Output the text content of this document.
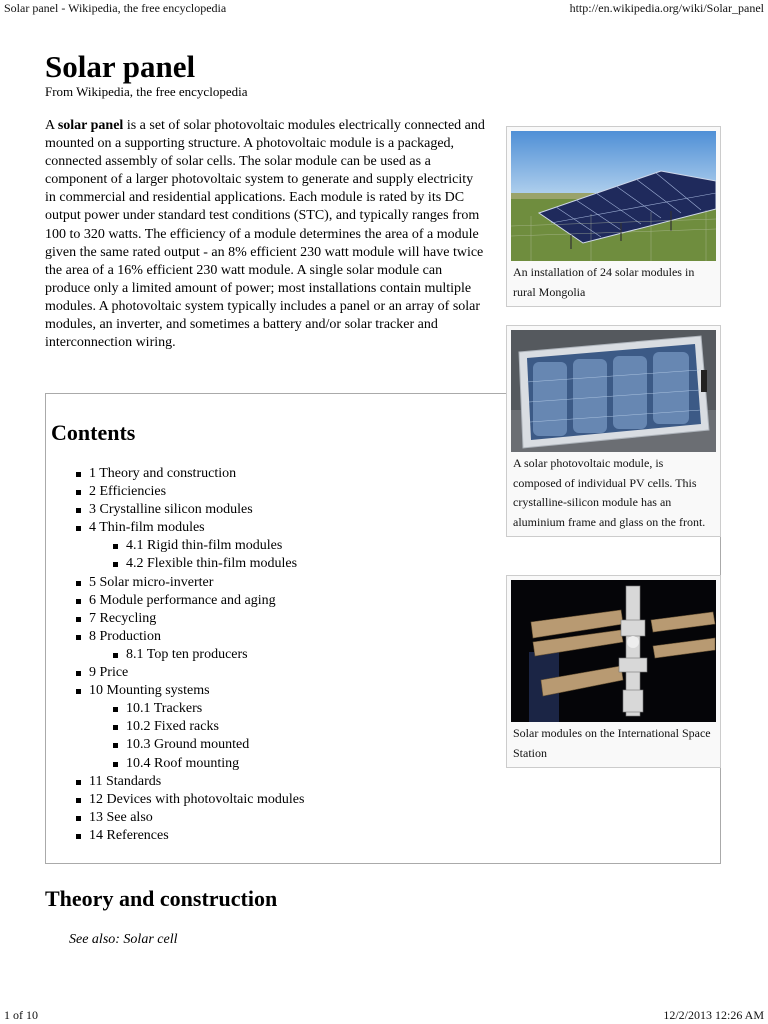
Solar panel - Wikipedia, the free encyclopedia	http://en.wikipedia.org/wiki/Solar_panel
Solar panel
From Wikipedia, the free encyclopedia

A solar panel is a set of solar photovoltaic modules electrically connected and mounted on a supporting structure. A photovoltaic module is a packaged, connected assembly of solar cells. The solar module can be used as a component of a larger photovoltaic system to generate and supply electricity in commercial and residential applications. Each module is rated by its DC output power under standard test conditions (STC), and typically ranges from 100 to 320 watts. The efficiency of a module determines the area of a module given the same rated output - an 8% efficient 230 watt module will have twice the area of a 16% efficient 230 watt module. A single solar module can produce only a limited amount of power; most installations contain multiple modules. A photovoltaic system typically includes a panel or an array of solar modules, an inverter, and sometimes a battery and/or solar tracker and interconnection wiring.

Contents
1 Theory and construction
2 Efficiencies
3 Crystalline silicon modules
4 Thin-film modules
4.1 Rigid thin-film modules
4.2 Flexible thin-film modules
5 Solar micro-inverter
6 Module performance and aging
7 Recycling
8 Production
8.1 Top ten producers
9 Price
10 Mounting systems
10.1 Trackers
10.2 Fixed racks
10.3 Ground mounted
10.4 Roof mounting
11 Standards
12 Devices with photovoltaic modules
13 See also
14 References
An installation of 24 solar modules in rural Mongolia
A solar photovoltaic module, is composed of individual PV cells. This crystalline-silicon module has an aluminium frame and glass on the front.
Solar modules on the International Space Station
Theory and construction
See also: Solar cell
1 of 10	12/2/2013 12:26 AM
